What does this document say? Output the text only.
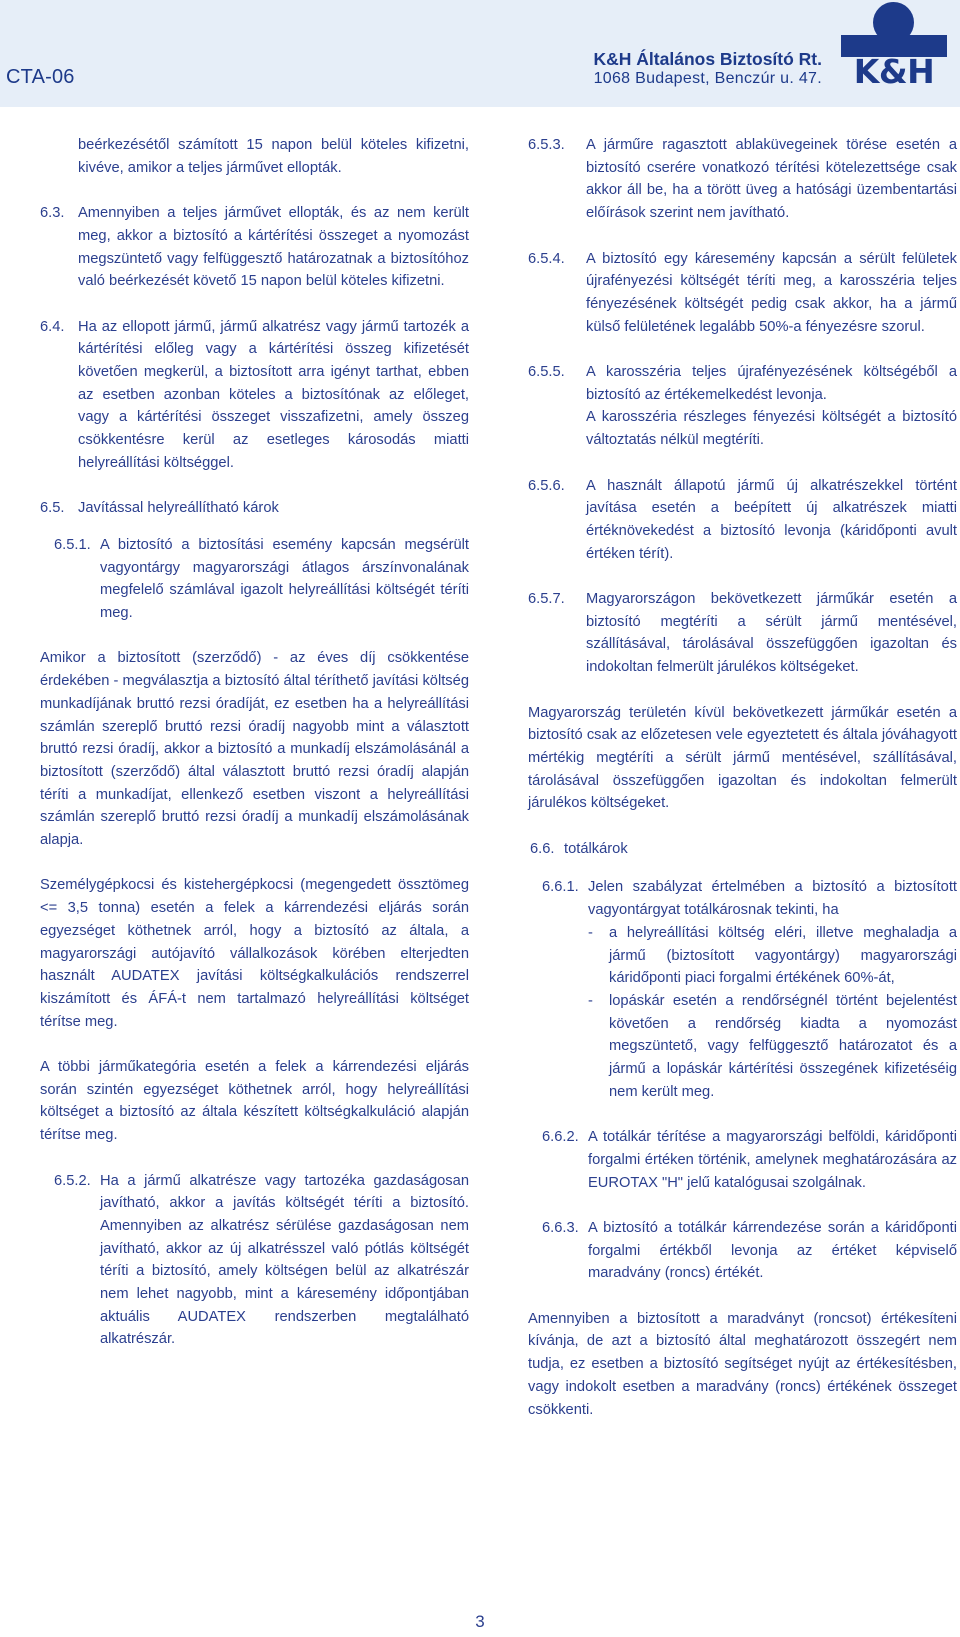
CTA-06
K&H Általános Biztosító Rt.
1068 Budapest, Benczúr u. 47. K&H
beérkezésétől számított 15 napon belül köteles kifizetni, kivéve, amikor a teljes járművet ellopták.
6.3. Amennyiben a teljes járművet ellopták, és az nem került meg, akkor a biztosító a kártérítési összeget a nyomozást megszüntető vagy felfüggesztő határozatnak a biztosítóhoz való beérkezését követő 15 napon belül köteles kifizetni.
6.4. Ha az ellopott jármű, jármű alkatrész vagy jármű tartozék a kártérítési előleg vagy a kártérítési összeg kifizetését követően megkerül, a biztosított arra igényt tarthat, ebben az esetben azonban köteles a biztosítónak az előleget, vagy a kártérítési összeget visszafizetni, amely összeg csökkentésre kerül az esetleges károsodás miatti helyreállítási költséggel.
6.5. Javítással helyreállítható károk
6.5.1. A biztosító a biztosítási esemény kapcsán megsérült vagyontárgy magyarországi átlagos árszínvonalának megfelelő számlával igazolt helyreállítási költségét téríti meg.
Amikor a biztosított (szerződő) - az éves díj csökkentése érdekében - megválasztja a biztosító által téríthető javítási költség munkadíjának bruttó rezsi óradíját, ez esetben ha a helyreállítási számlán szereplő bruttó rezsi óradíj nagyobb mint a választott bruttó rezsi óradíj, akkor a biztosító a munkadíj elszámolásánál a biztosított (szerződő) által választott bruttó rezsi óradíj alapján téríti a munkadíjat, ellenkező esetben viszont a helyreállítási számlán szereplő bruttó rezsi óradíj a munkadíj elszámolásának alapja.
Személygépkocsi és kistehergépkocsi (megengedett össztömeg <= 3,5 tonna) esetén a felek a kárrendezési eljárás során egyezséget köthetnek arról, hogy a biztosító az általa, a magyarországi autójavító vállalkozások körében elterjedten használt AUDATEX javítási költségkalkulációs rendszerrel kiszámított és ÁFÁ-t nem tartalmazó helyreállítási költséget térítse meg.
A többi járműkategória esetén a felek a kárrendezési eljárás során szintén egyezséget köthetnek arról, hogy helyreállítási költséget a biztosító az általa készített költségkalkuláció alapján térítse meg.
6.5.2. Ha a jármű alkatrésze vagy tartozéka gazdaságosan javítható, akkor a javítás költségét téríti a biztosító. Amennyiben az alkatrész sérülése gazdaságosan nem javítható, akkor az új alkatrésszel való pótlás költségét téríti a biztosító, amely költségen belül az alkatrészár nem lehet nagyobb, mint a káresemény időpontjában aktuális AUDATEX rendszerben megtalálható alkatrészár.
6.5.3.	A járműre ragasztott ablaküvegeinek törése esetén a biztosító cserére vonatkozó térítési kötelezettsége csak akkor áll be, ha a törött üveg a hatósági üzembentartási előírások szerint nem javítható.
6.5.4.	A biztosító egy káresemény kapcsán a sérült felületek újrafényezési költségét téríti meg, a karosszéria teljes fényezésének költségét pedig csak akkor, ha a jármű külső felületének legalább 50%-a fényezésre szorul.
6.5.5.	A karosszéria teljes újrafényezésének költségéből a biztosító az értékemelkedést levonja.
A karosszéria részleges fényezési költségét a biztosító változtatás nélkül megtéríti.
6.5.6.	A használt állapotú jármű új alkatrészekkel történt javítása esetén a beépített új alkatrészek miatti értéknövekedést a biztosító levonja (káridőponti avult értéken térít).
6.5.7.	Magyarországon bekövetkezett járműkár esetén a biztosító megtéríti a sérült jármű mentésével, szállításával, tárolásával összefüggően igazoltan és indokoltan felmerült járulékos költségeket.
Magyarország területén kívül bekövetkezett járműkár esetén a biztosító csak az előzetesen vele egyeztetett és általa jóváhagyott mértékig megtéríti a sérült jármű mentésével, szállításával, tárolásával összefüggően igazoltan és indokoltan felmerült járulékos költségeket.
6.6. totálkárok
6.6.1. Jelen szabályzat értelmében a biztosító a biztosított vagyontárgyat totálkárosnak tekinti, ha
-	a helyreállítási költség eléri, illetve meghaladja a jármű (biztosított vagyontárgy) magyarországi káridőponti piaci forgalmi értékének 60%-át,
-	lopáskár esetén a rendőrségnél történt bejelentést követően a rendőrség kiadta a nyomozást megszüntető, vagy felfüggesztő határozatot és a jármű a lopáskár kártérítési összegének kifizetéséig nem került meg.
6.6.2. A totálkár térítése a magyarországi belföldi, káridőponti forgalmi értéken történik, amelynek meghatározására az EUROTAX "H" jelű katalógusai szolgálnak.
6.6.3. A biztosító a totálkár kárrendezése során a káridőponti forgalmi értékből levonja az értéket képviselő maradvány (roncs) értékét.
Amennyiben a biztosított a maradványt (roncsot) értékesíteni kívánja, de azt a biztosító által meghatározott összegért nem tudja, ez esetben a biztosító segítséget nyújt az értékesítésben, vagy indokolt esetben a maradvány (roncs) értékének összeget csökkenti.
3
